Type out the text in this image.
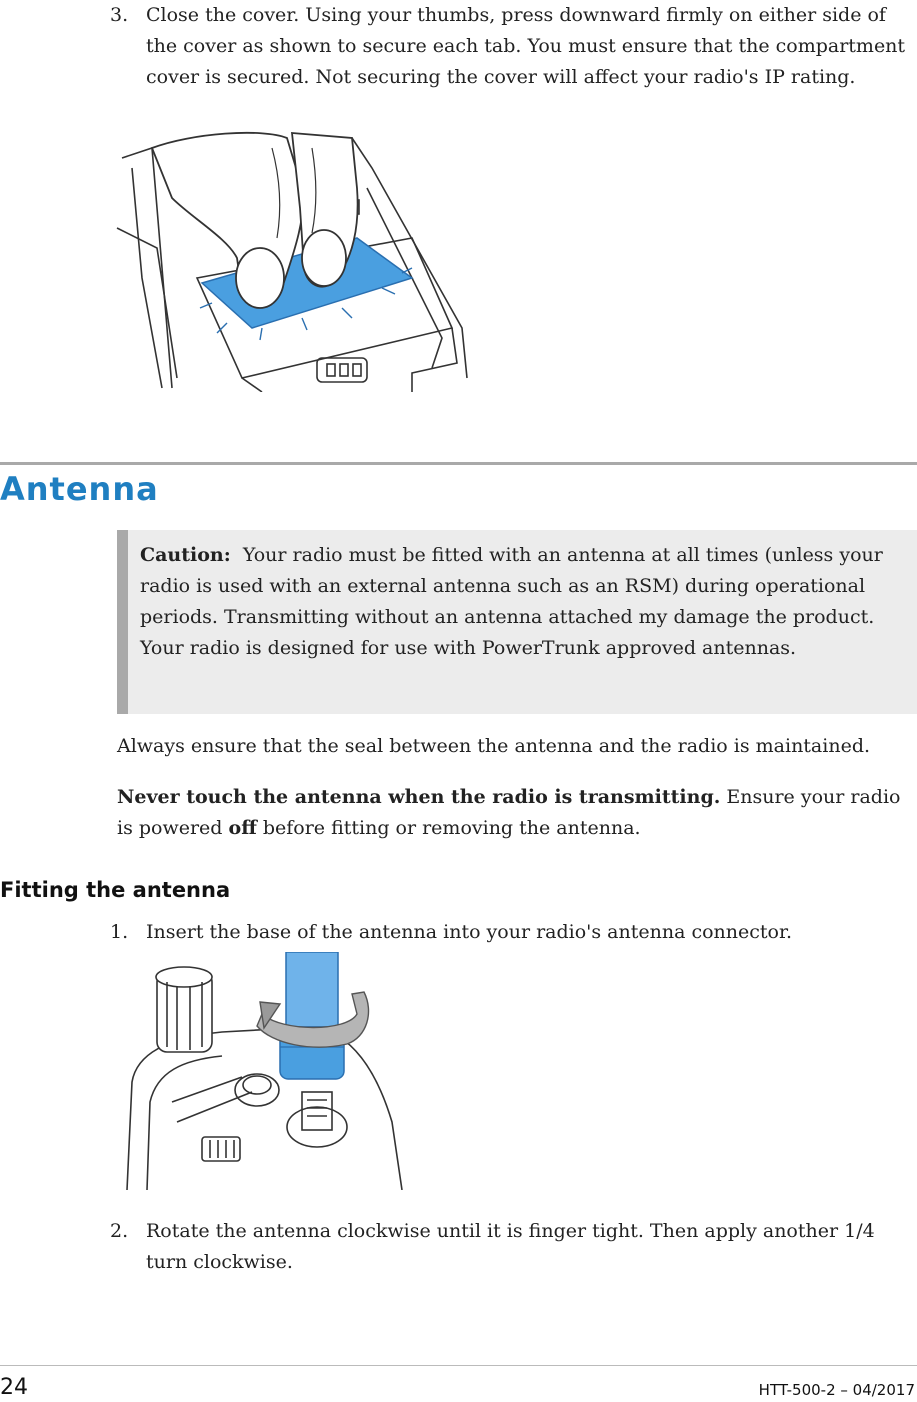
3. Close the cover. Using your thumbs, press downward firmly on either side of the cover as shown to secure each tab. You must ensure that the compartment cover is secured. Not securing the cover will affect your radio's IP rating.
Antenna
Caution: Your radio must be fitted with an antenna at all times (unless your radio is used with an external antenna such as an RSM) during operational periods. Transmitting without an antenna attached my damage the product. Your radio is designed for use with PowerTrunk approved antennas.
Always ensure that the seal between the antenna and the radio is maintained.
Never touch the antenna when the radio is transmitting. Ensure your radio is powered off before fitting or removing the antenna.
Fitting the antenna
1. Insert the base of the antenna into your radio's antenna connector.
2. Rotate the antenna clockwise until it is finger tight. Then apply another 1/4 turn clockwise.
24	HTT-500-2 – 04/2017
